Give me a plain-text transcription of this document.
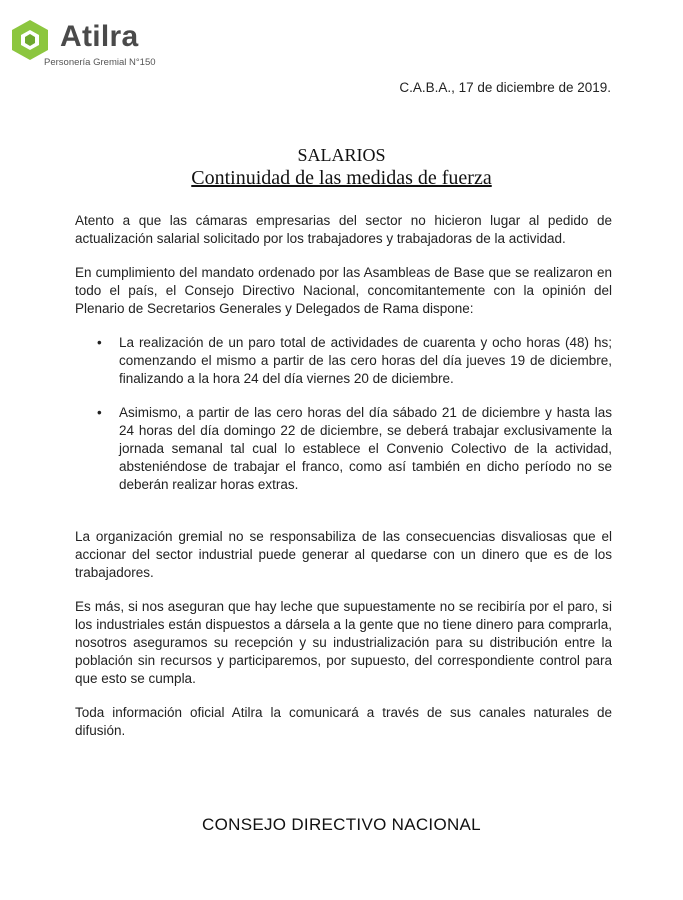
Atilra
Personería Gremial N°150
C.A.B.A., 17 de diciembre de 2019.
SALARIOS
Continuidad de las medidas de fuerza

Atento a que las cámaras empresarias del sector no hicieron lugar al pedido de actualización salarial solicitado por los trabajadores y trabajadoras de la actividad.

En cumplimiento del mandato ordenado por las Asambleas de Base que se realizaron en todo el país, el Consejo Directivo Nacional, concomitantemente con la opinión del Plenario de Secretarios Generales y Delegados de Rama dispone:

• La realización de un paro total de actividades de cuarenta y ocho horas (48) hs; comenzando el mismo a partir de las cero horas del día jueves 19 de diciembre, finalizando a la hora 24 del día viernes 20 de diciembre.
• Asimismo, a partir de las cero horas del día sábado 21 de diciembre y hasta las 24 horas del día domingo 22 de diciembre, se deberá trabajar exclusivamente la jornada semanal tal cual lo establece el Convenio Colectivo de la actividad, absteniéndose de trabajar el franco, como así también en dicho período no se deberán realizar horas extras.

La organización gremial no se responsabiliza de las consecuencias disvaliosas que el accionar del sector industrial puede generar al quedarse con un dinero que es de los trabajadores.

Es más, si nos aseguran que hay leche que supuestamente no se recibiría por el paro, si los industriales están dispuestos a dársela a la gente que no tiene dinero para comprarla, nosotros aseguramos su recepción y su industrialización para su distribución entre la población sin recursos y participaremos, por supuesto, del correspondiente control para que esto se cumpla.

Toda información oficial Atilra la comunicará a través de sus canales naturales de difusión.

CONSEJO DIRECTIVO NACIONAL
